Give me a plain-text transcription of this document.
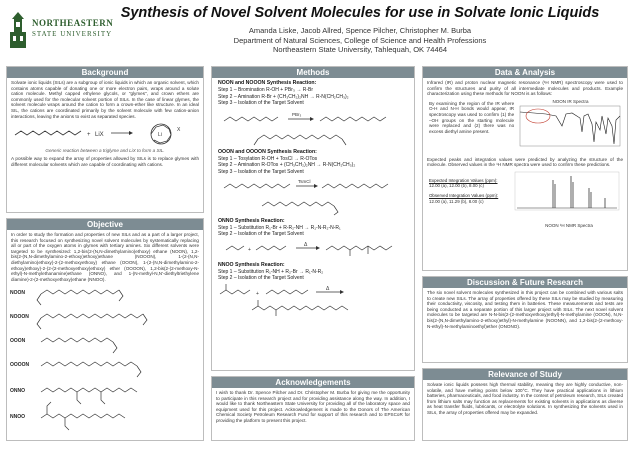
NORTHEASTERN
STATE UNIVERSITY
Synthesis of Novel Solvent Molecules for use in Solvate Ionic Liquids
Amanda Liske, Jacob Allred, Spence Pilcher, Christopher M. Burba
Department of Natural Sciences, College of Science and Health Professions
Northeastern State University, Tahlequah, OK 74464
Background
Solvate ionic liquids (SILs) are a subgroup of ionic liquids in which an organic solvent, which contains atoms capable of donating one or more electron pairs, wraps around a solute cation molecule. Methyl capped ethylene glycols, or "glymes", and crown ethers are commonly used for the molecular solvent portion of SILs. In the case of linear glymes, the solvent molecule wraps around the cation to form a crown-ether like structure. In an ideal SIL, the cations are coordinated primarily by the solvent molecule with few cation-anion interactions, leaving the anions to exist as separated species.
+ LiX	Li
X
Generic reaction between a triglyme and LiX to form a SIL.
A possible way to expand the array of properties allowed by SILs is to replace glymes with different molecular solvents which are capable of coordinating with cations.
Objective
In order to study the formation and properties of new SILs and as a part of a larger project, this research focused on synthesizing novel solvent molecules by systematically replacing all or part of the oxygen atoms in glymes with tertiary amines. Six different solvents were targeted to be synthesized: 1,2-bis(2-(N,N-dimethylamino)ethoxy) ethane (NOON), 1,2-bis(2-(N,N-dimethylamino-2-ethoxy)ethoxy)ethane (NOOON), 1-(2-(N,N-diethylamino)ethoxy)-2-(2-methoxyethoxy) ethane (OOON), 1-(2-(N,N-dimethylamino-2-ethoxy)ethoxy)-2-(2-(2-methoxyethoxy)ethoxy) ether (OOOON), 1,2-bis(2-(2-methoxy-N-ethyl)-N-methylethanamine)ethane (ONNO), and 1-(N-methyl-N,N'-diethyltriethylene diamine)-2-(2-methoxyethoxy)ethane (NNOO).
NOON
NOOON
OOON
OOOON
ONNO
NNOO
Methods
NOON and NOOON Synthesis Reaction:
Step 1 – Bromination R-OH + PBr₃ → R-Br
Step 2 – Amination R-Br + (CH₃CH₂)₂NH → R-N(CH₂CH₃)₂
Step 3 – Isolation of the Target Solvent
PBr₃
OOON and OOOON Synthesis Reaction:
Step 1 – Tosylation R-OH + TosCl → R-OTos
Step 2 – Amination R-OTos + (CH₃CH₂)₂NH → R-N(CH₂CH₃)₂
Step 3 – Isolation of the Target Solvent
TsmCl
ONNO Synthesis Reaction:
Step 1 – Substitution R₁-Br + R-R₂-NH → R₁-N-R₂-N-R₁
Step 2 – Isolation of the Target Solvent
+
Δ
NNOO Synthesis Reaction:
Step 1 – Substitution R₁-NH + R₂-Br → R₁-N-R₂
Step 2 – Isolation of the Target Solvent
+
Δ
Acknowledgements
I wish to thank Dr. Spence Pilcher and Dr. Christopher M. Burba for giving me the opportunity to participate in this research project and for providing assistance along the way. In addition, I would like to thank Northeastern State University for providing all of the laboratory space and equipment used for this project. Acknowledgement is made to the Donors of The American Chemical Society Petroleum Research Fund for support of this research and to EPSCoR for providing the platform to present this project.
Data & Analysis
Infrared (IR) and proton nuclear magnetic resonance (¹H NMR) spectroscopy were used to confirm the structures and purity of all intermediate molecules and products. Example characterization using these methods for NOON is as follows:
By examining the region of the IR where O-H and N-H bonds would appear, IR spectroscopy was used to confirm (1) the –OH groups on the starting molecule were replaced and (2) there was no excess diethyl amine present.
NOON IR Spectra
Expected peaks and integration values were predicted by analyzing the structure of the molecule. Observed values in the ¹H NMR spectra were used to confirm these predictions.
Expected Integration Values (ppm):
12.00 (a), 12.00 (b), 8.00 (c)
Observed Integration Values (ppm):
12.00 (a), 11.29 (b), 8.00 (c)
NOON ¹H NMR Spectra
Discussion & Future Research
The six novel solvent molecules synthesized in this project can be combined with various salts to create new SILs. The array of properties offered by these SILs may be studied by measuring their conductivity, viscosity, and testing them in batteries. These measurements and tests are being conducted as a separate portion of this larger project with SILs. The next novel solvent molecules to be targeted are N-N-bis(2-(2-methoxyethoxy)ethyl)-N-methylamine (OOON), N,N-bis(2-(N,N-dimethylamino-2-ethoxy)ethyl)-N-methylamine (NOONN), and 1,2-bis(2-(2-methoxy-N-ethyl)-N-methylaminoethyl)ether (ONONO).
Relevance of Study
Solvate ionic liquids possess high thermal stability, meaning they are highly conductive, non-volatile, and have melting points below 100°C. They have practical applications in lithium batteries, pharmaceuticals, and food industry. In the context of petroleum research, SILs created from lithium salts may function as replacements for existing solvents in applications as diverse as heat transfer fluids, lubricants, or electrolyte solutions. In synthesizing the solvents used in SILs, the array of properties offered may be expanded.
